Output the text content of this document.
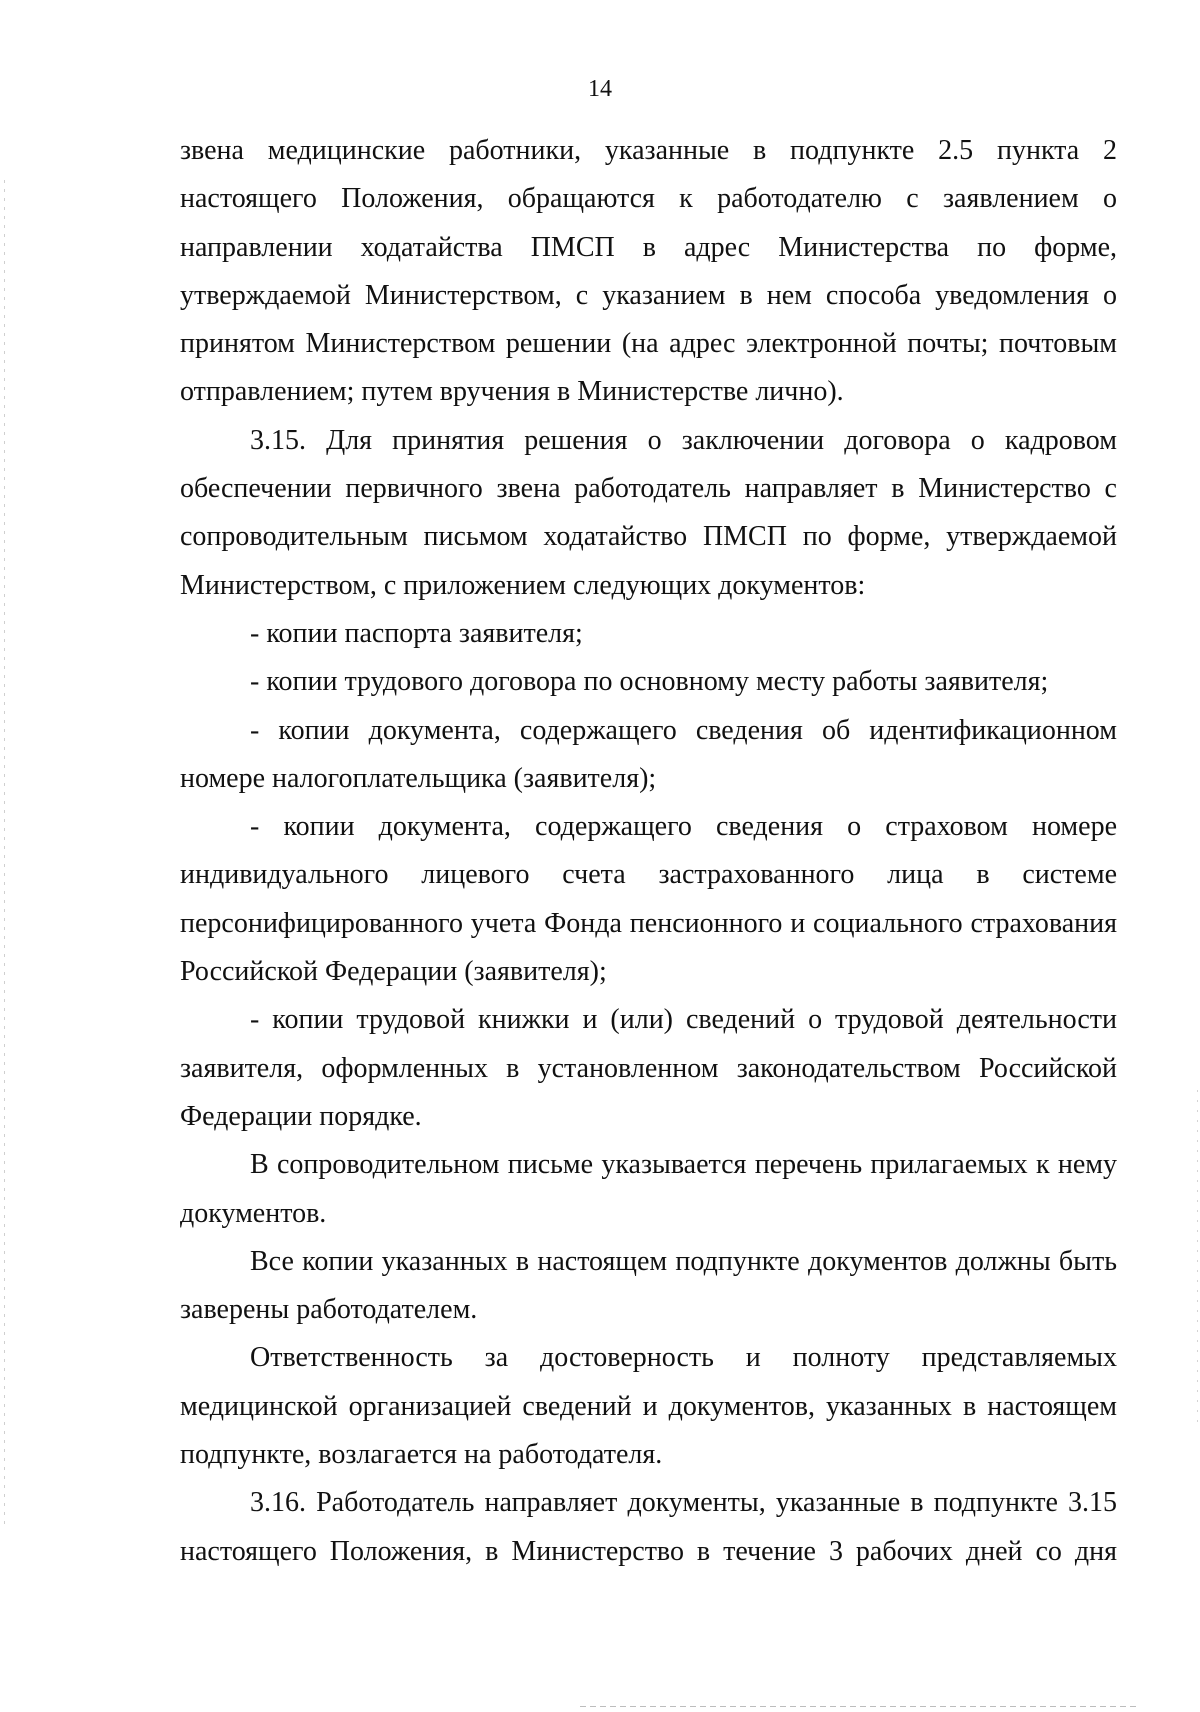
14

звена медицинские работники, указанные в подпункте 2.5 пункта 2 настоящего Положения, обращаются к работодателю с заявлением о направлении ходатайства ПМСП в адрес Министерства по форме, утверждаемой Министерством, с указанием в нем способа уведомления о принятом Министерством решении (на адрес электронной почты; почтовым отправлением; путем вручения в Министерстве лично).

3.15. Для принятия решения о заключении договора о кадровом обеспечении первичного звена работодатель направляет в Министерство с сопроводительным письмом ходатайство ПМСП по форме, утверждаемой Министерством, с приложением следующих документов:

- копии паспорта заявителя;

- копии трудового договора по основному месту работы заявителя;

- копии документа, содержащего сведения об идентификационном номере налогоплательщика (заявителя);

- копии документа, содержащего сведения о страховом номере индивидуального лицевого счета застрахованного лица в системе персонифицированного учета Фонда пенсионного и социального страхования Российской Федерации (заявителя);

- копии трудовой книжки и (или) сведений о трудовой деятельности заявителя, оформленных в установленном законодательством Российской Федерации порядке.

В сопроводительном письме указывается перечень прилагаемых к нему документов.

Все копии указанных в настоящем подпункте документов должны быть заверены работодателем.

Ответственность за достоверность и полноту представляемых медицинской организацией сведений и документов, указанных в настоящем подпункте, возлагается на работодателя.

3.16. Работодатель направляет документы, указанные в подпункте 3.15 настоящего Положения, в Министерство в течение 3 рабочих дней со дня
